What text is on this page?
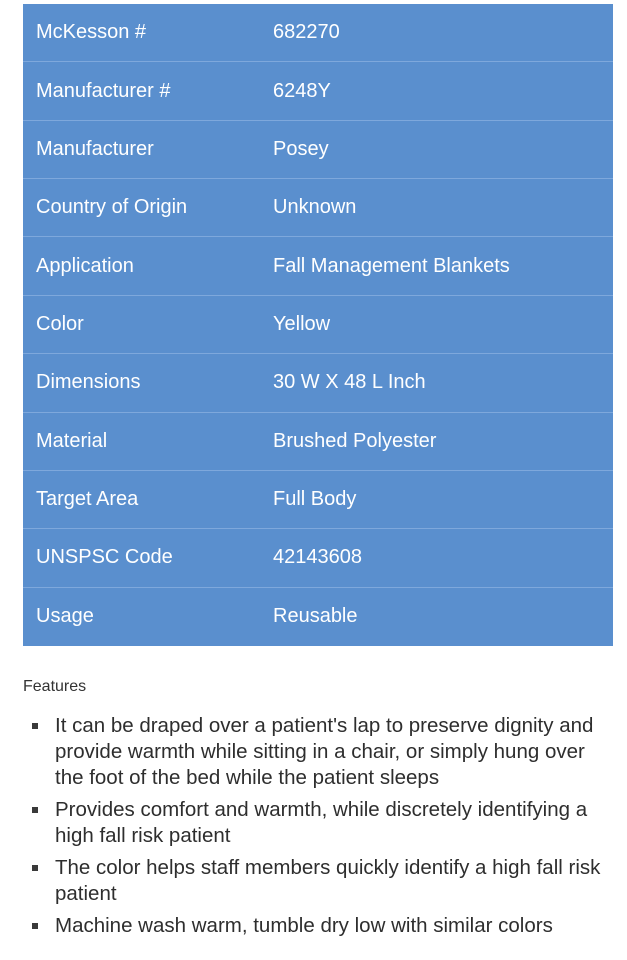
McKesson #	682270
Manufacturer #	6248Y
Manufacturer	Posey
Country of Origin	Unknown
Application	Fall Management Blankets
Color	Yellow
Dimensions	30 W X 48 L Inch
Material	Brushed Polyester
Target Area	Full Body
UNSPSC Code	42143608
Usage	Reusable
Features
It can be draped over a patient's lap to preserve dignity and provide warmth while sitting in a chair, or simply hung over the foot of the bed while the patient sleeps
Provides comfort and warmth, while discretely identifying a high fall risk patient
The color helps staff members quickly identify a high fall risk patient
Machine wash warm, tumble dry low with similar colors
